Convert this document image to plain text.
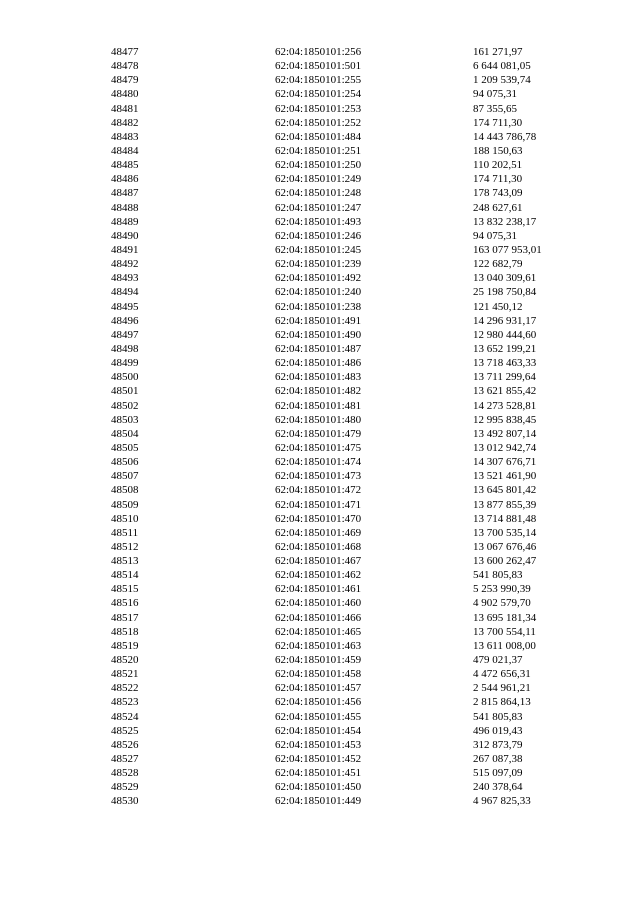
48477	62:04:1850101:256	161 271,97
48478	62:04:1850101:501	6 644 081,05
48479	62:04:1850101:255	1 209 539,74
48480	62:04:1850101:254	94 075,31
48481	62:04:1850101:253	87 355,65
48482	62:04:1850101:252	174 711,30
48483	62:04:1850101:484	14 443 786,78
48484	62:04:1850101:251	188 150,63
48485	62:04:1850101:250	110 202,51
48486	62:04:1850101:249	174 711,30
48487	62:04:1850101:248	178 743,09
48488	62:04:1850101:247	248 627,61
48489	62:04:1850101:493	13 832 238,17
48490	62:04:1850101:246	94 075,31
48491	62:04:1850101:245	163 077 953,01
48492	62:04:1850101:239	122 682,79
48493	62:04:1850101:492	13 040 309,61
48494	62:04:1850101:240	25 198 750,84
48495	62:04:1850101:238	121 450,12
48496	62:04:1850101:491	14 296 931,17
48497	62:04:1850101:490	12 980 444,60
48498	62:04:1850101:487	13 652 199,21
48499	62:04:1850101:486	13 718 463,33
48500	62:04:1850101:483	13 711 299,64
48501	62:04:1850101:482	13 621 855,42
48502	62:04:1850101:481	14 273 528,81
48503	62:04:1850101:480	12 995 838,45
48504	62:04:1850101:479	13 492 807,14
48505	62:04:1850101:475	13 012 942,74
48506	62:04:1850101:474	14 307 676,71
48507	62:04:1850101:473	13 521 461,90
48508	62:04:1850101:472	13 645 801,42
48509	62:04:1850101:471	13 877 855,39
48510	62:04:1850101:470	13 714 881,48
48511	62:04:1850101:469	13 700 535,14
48512	62:04:1850101:468	13 067 676,46
48513	62:04:1850101:467	13 600 262,47
48514	62:04:1850101:462	541 805,83
48515	62:04:1850101:461	5 253 990,39
48516	62:04:1850101:460	4 902 579,70
48517	62:04:1850101:466	13 695 181,34
48518	62:04:1850101:465	13 700 554,11
48519	62:04:1850101:463	13 611 008,00
48520	62:04:1850101:459	479 021,37
48521	62:04:1850101:458	4 472 656,31
48522	62:04:1850101:457	2 544 961,21
48523	62:04:1850101:456	2 815 864,13
48524	62:04:1850101:455	541 805,83
48525	62:04:1850101:454	496 019,43
48526	62:04:1850101:453	312 873,79
48527	62:04:1850101:452	267 087,38
48528	62:04:1850101:451	515 097,09
48529	62:04:1850101:450	240 378,64
48530	62:04:1850101:449	4 967 825,33
